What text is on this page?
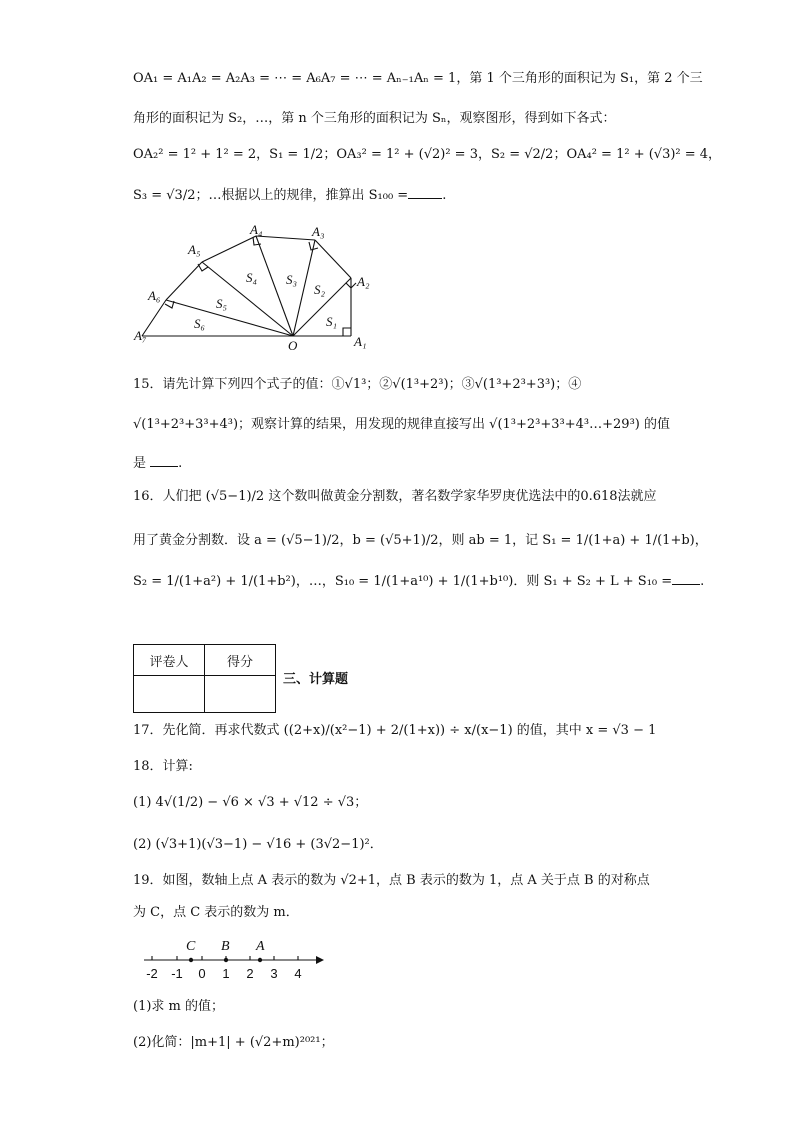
OA₁ = A₁A₂ = A₂A₃ = ⋯ = A₆A₇ = ⋯ = Aₙ₋₁Aₙ = 1，第 1 个三角形的面积记为 S₁，第 2 个三
角形的面积记为 S₂，…，第 n 个三角形的面积记为 Sₙ，观察图形，得到如下各式：
OA₂² = 1² + 1² = 2，S₁ = 1/2；OA₃² = 1² + (√2)² = 3，S₂ = √2/2；OA₄² = 1² + (√3)² = 4，
S₃ = √3/2；…根据以上的规律，推算出 S₁₀₀ =	.
A₁
A₂
A₃
A₄
A₅
A₆
A₇
O
S₁
S₂
S₃
S₄
S₅
S₆
15．请先计算下列四个式子的值：①√1³；②√(1³+2³)；③√(1³+2³+3³)；④
√(1³+2³+3³+4³)；观察计算的结果，用发现的规律直接写出 √(1³+2³+3³+4³…+29³) 的值
是 .
16．人们把 (√5−1)/2 这个数叫做黄金分割数，著名数学家华罗庚优选法中的0.618法就应
用了黄金分割数．设 a = (√5−1)/2，b = (√5+1)/2，则 ab = 1，记 S₁ = 1/(1+a) + 1/(1+b)，
S₂ = 1/(1+a²) + 1/(1+b²)，…，S₁₀ = 1/(1+a¹⁰) + 1/(1+b¹⁰)．则 S₁ + S₂ + L + S₁₀ = .
评卷人	得分

三、计算题
17．先化简．再求代数式 ((2+x)/(x²−1) + 2/(1+x)) ÷ x/(x−1) 的值，其中 x = √3 − 1
18．计算:
(1) 4√(1/2) − √6 × √3 + √12 ÷ √3；
(2) (√3+1)(√3−1) − √16 + (3√2−1)²．
19．如图，数轴上点 A 表示的数为 √2+1，点 B 表示的数为 1，点 A 关于点 B 的对称点
为 C，点 C 表示的数为 m．
C B A
-2 -1 0 1 2 3 4
(1)求 m 的值；
(2)化简：|m+1| + (√2+m)²⁰²¹；
